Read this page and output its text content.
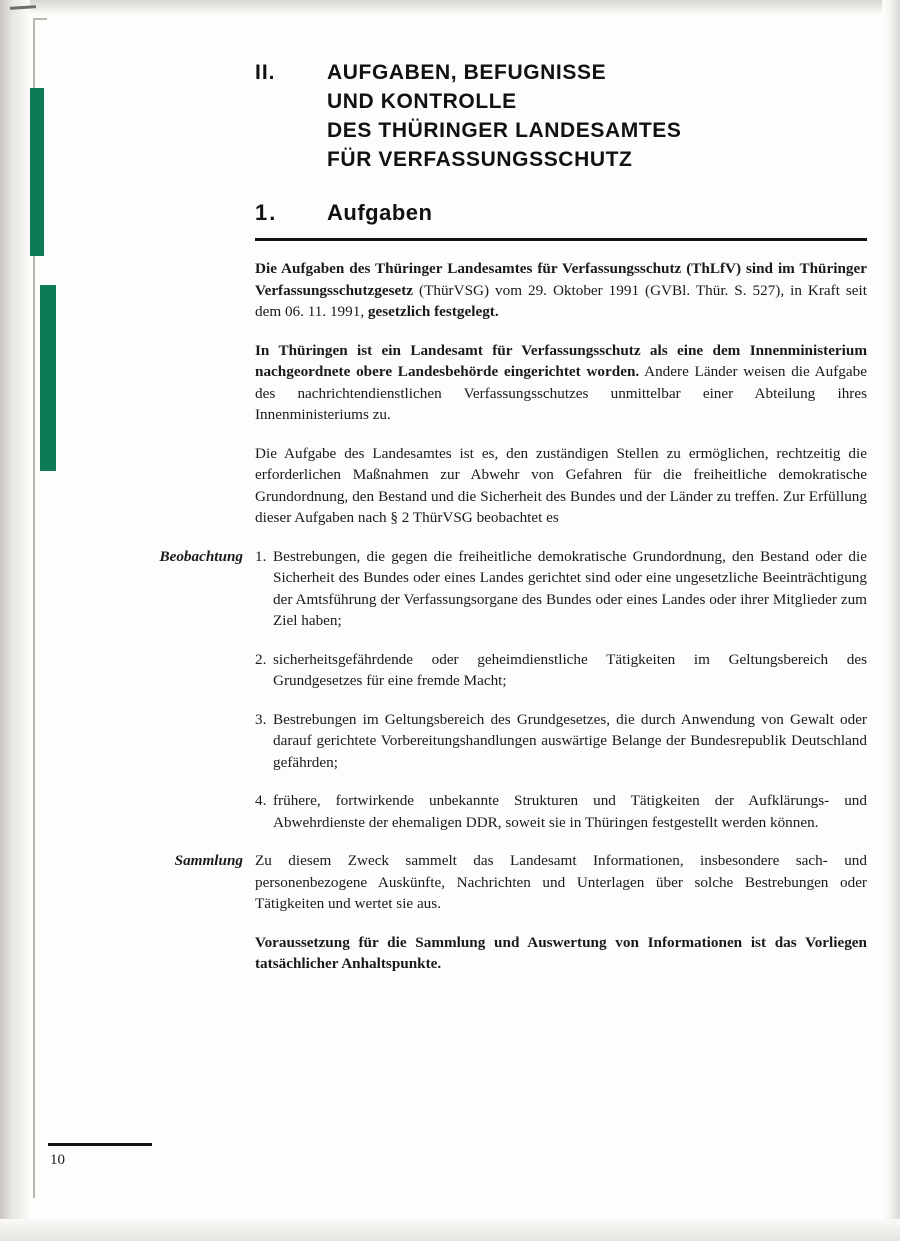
II.	AUFGABEN, BEFUGNISSE
UND KONTROLLE
DES THÜRINGER LANDESAMTES
FÜR VERFASSUNGSSCHUTZ
1.	Aufgaben

Die Aufgaben des Thüringer Landesamtes für Verfassungsschutz (ThLfV) sind im Thüringer Verfassungsschutzgesetz (ThürVSG) vom 29. Oktober 1991 (GVBl. Thür. S. 527), in Kraft seit dem 06. 11. 1991, gesetzlich festgelegt.

In Thüringen ist ein Landesamt für Verfassungsschutz als eine dem Innenministerium nachgeordnete obere Landesbehörde eingerichtet worden. Andere Länder weisen die Aufgabe des nachrichtendienstlichen Verfassungsschutzes unmittelbar einer Abteilung ihres Innenministeriums zu.

Die Aufgabe des Landesamtes ist es, den zuständigen Stellen zu ermöglichen, rechtzeitig die erforderlichen Maßnahmen zur Abwehr von Gefahren für die freiheitliche demokratische Grundordnung, den Bestand und die Sicherheit des Bundes und der Länder zu treffen. Zur Erfüllung dieser Aufgaben nach § 2 ThürVSG beobachtet es

Beobachtung 1. Bestrebungen, die gegen die freiheitliche demokratische Grundordnung, den Bestand oder die Sicherheit des Bundes oder eines Landes gerichtet sind oder eine ungesetzliche Beeinträchtigung der Amtsführung der Verfassungsorgane des Bundes oder eines Landes oder ihrer Mitglieder zum Ziel haben;
2. sicherheitsgefährdende oder geheimdienstliche Tätigkeiten im Geltungsbereich des Grundgesetzes für eine fremde Macht;
3. Bestrebungen im Geltungsbereich des Grundgesetzes, die durch Anwendung von Gewalt oder darauf gerichtete Vorbereitungshandlungen auswärtige Belange der Bundesrepublik Deutschland gefährden;
4. frühere, fortwirkende unbekannte Strukturen und Tätigkeiten der Aufklärungs- und Abwehrdienste der ehemaligen DDR, soweit sie in Thüringen festgestellt werden können.
Sammlung Zu diesem Zweck sammelt das Landesamt Informationen, insbesondere sach- und personenbezogene Auskünfte, Nachrichten und Unterlagen über solche Bestrebungen oder Tätigkeiten und wertet sie aus.

Voraussetzung für die Sammlung und Auswertung von Informationen ist das Vorliegen tatsächlicher Anhaltspunkte.

10
